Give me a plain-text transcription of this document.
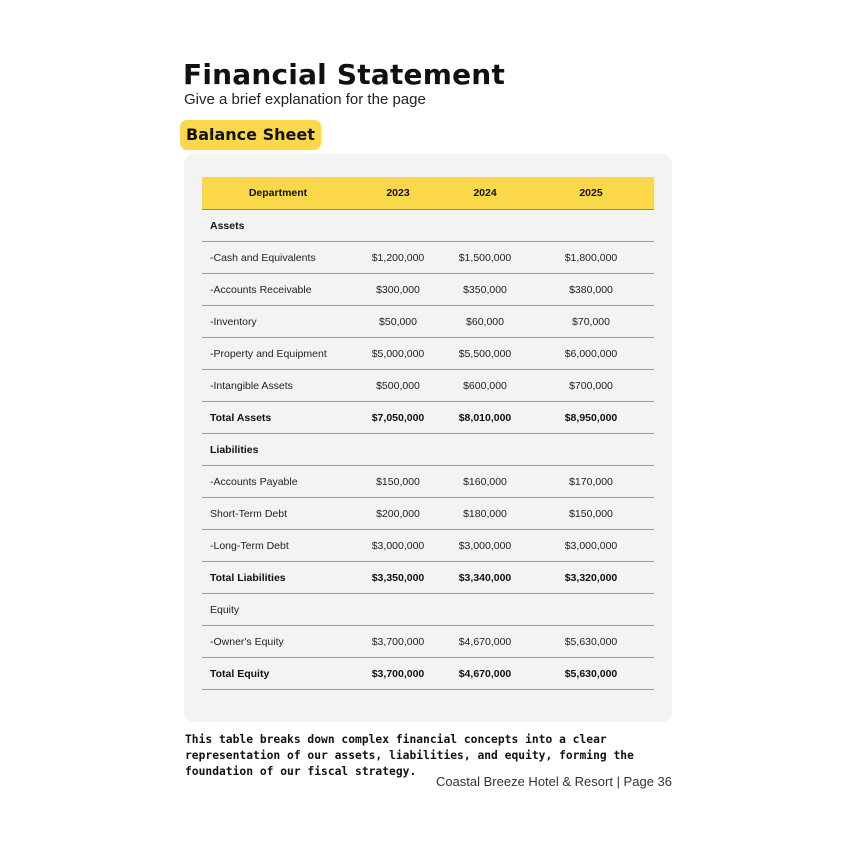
Financial Statement
Give a brief explanation for the page
Balance Sheet
Department	2023	2024	2025
Assets			
-Cash and Equivalents	$1,200,000	$1,500,000	$1,800,000
-Accounts Receivable	$300,000	$350,000	$380,000
-Inventory	$50,000	$60,000	$70,000
-Property and Equipment	$5,000,000	$5,500,000	$6,000,000
-Intangible Assets	$500,000	$600,000	$700,000
Total Assets	$7,050,000	$8,010,000	$8,950,000
Liabilities			
-Accounts Payable	$150,000	$160,000	$170,000
Short-Term Debt	$200,000	$180,000	$150,000
-Long-Term Debt	$3,000,000	$3,000,000	$3,000,000
Total Liabilities	$3,350,000	$3,340,000	$3,320,000
Equity			
-Owner's Equity	$3,700,000	$4,670,000	$5,630,000
Total Equity	$3,700,000	$4,670,000	$5,630,000
This table breaks down complex financial concepts into a clear representation of our assets, liabilities, and equity, forming the foundation of our fiscal strategy.
Coastal Breeze Hotel & Resort | Page 36
